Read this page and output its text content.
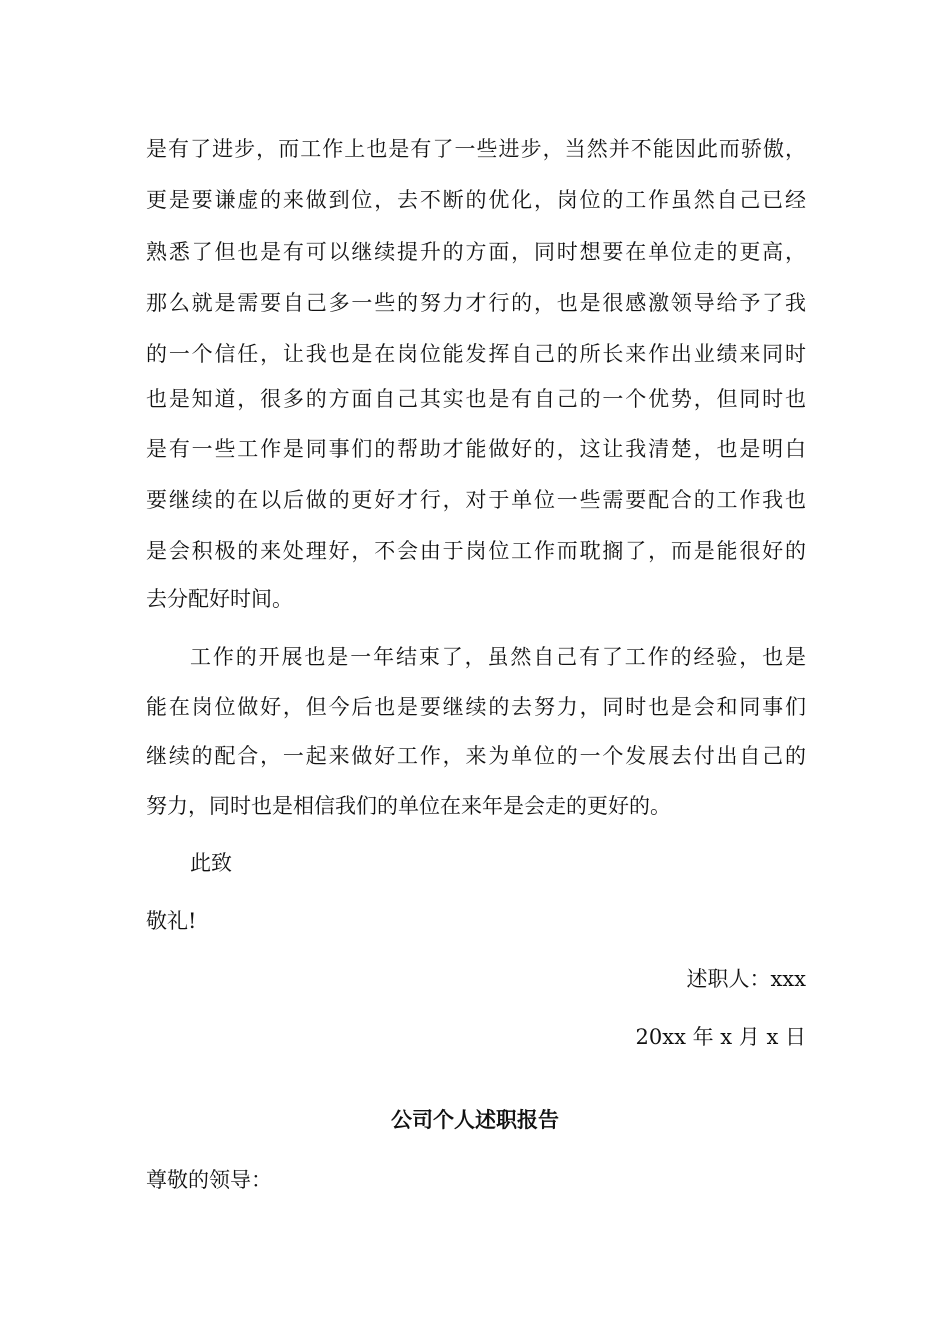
是有了进步，而工作上也是有了一些进步，当然并不能因此而骄傲，
更是要谦虚的来做到位，去不断的优化，岗位的工作虽然自己已经
熟悉了但也是有可以继续提升的方面，同时想要在单位走的更高，
那么就是需要自己多一些的努力才行的，也是很感激领导给予了我
的一个信任，让我也是在岗位能发挥自己的所长来作出业绩来同时
也是知道，很多的方面自己其实也是有自己的一个优势，但同时也
是有一些工作是同事们的帮助才能做好的，这让我清楚，也是明白
要继续的在以后做的更好才行，对于单位一些需要配合的工作我也
是会积极的来处理好，不会由于岗位工作而耽搁了，而是能很好的
去分配好时间。
工作的开展也是一年结束了，虽然自己有了工作的经验，也是
能在岗位做好，但今后也是要继续的去努力，同时也是会和同事们
继续的配合，一起来做好工作，来为单位的一个发展去付出自己的
努力，同时也是相信我们的单位在来年是会走的更好的。
此致
敬礼!
述职人：xxx
20xx 年 x 月 x 日
公司个人述职报告
尊敬的领导：
